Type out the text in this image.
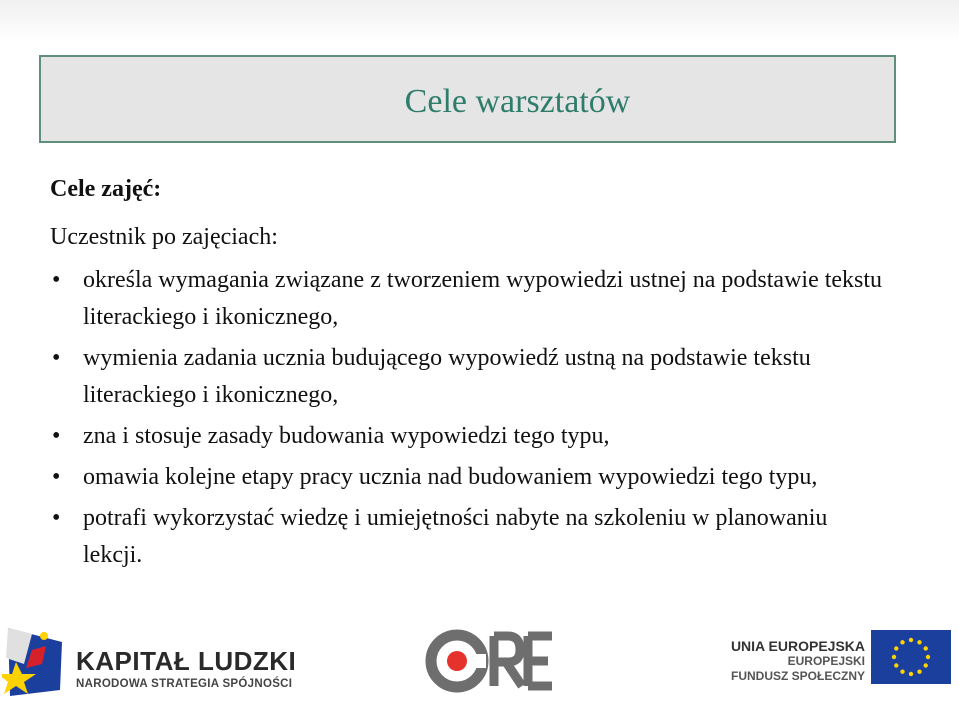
Cele warsztatów
Cele zajęć:
Uczestnik po zajęciach:
• określa wymagania związane z tworzeniem wypowiedzi ustnej na podstawie tekstu literackiego i ikonicznego,
• wymienia zadania ucznia budującego wypowiedź ustną na podstawie tekstu literackiego i ikonicznego,
• zna i stosuje zasady budowania wypowiedzi tego typu,
• omawia kolejne etapy pracy ucznia nad budowaniem wypowiedzi tego typu,
• potrafi wykorzystać wiedzę i umiejętności nabyte na szkoleniu w planowaniu lekcji.
KAPITAŁ LUDZKI
NARODOWA STRATEGIA SPÓJNOŚCI
UNIA EUROPEJSKA
EUROPEJSKI
FUNDUSZ SPOŁECZNY
